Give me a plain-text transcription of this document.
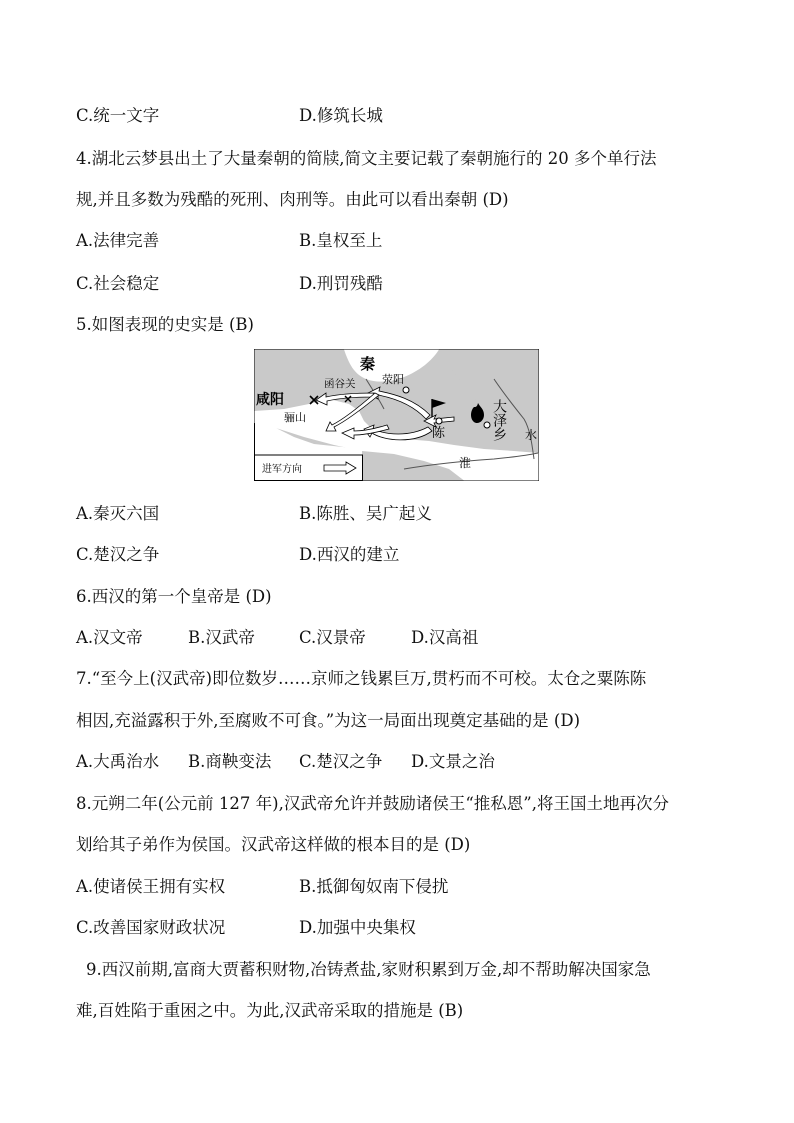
C.统一文字	D.修筑长城
4.湖北云梦县出土了大量秦朝的简牍,简文主要记载了秦朝施行的 20 多个单行法
规,并且多数为残酷的死刑、肉刑等。由此可以看出秦朝 (D)
A.法律完善	B.皇权至上
C.社会稳定	D.刑罚残酷
5.如图表现的史实是 (B)
秦
咸阳
骊山
函谷关 荥阳
陈	大泽乡 水
淮
进军方向
A.秦灭六国	B.陈胜、吴广起义
C.楚汉之争	D.西汉的建立
6.西汉的第一个皇帝是 (D)
A.汉文帝	B.汉武帝	C.汉景帝	D.汉高祖
7.“至今上(汉武帝)即位数岁……京师之钱累巨万,贯朽而不可校。太仓之粟陈陈
相因,充溢露积于外,至腐败不可食。”为这一局面出现奠定基础的是 (D)
A.大禹治水 B.商鞅变法 C.楚汉之争 D.文景之治
8.元朔二年(公元前 127 年),汉武帝允许并鼓励诸侯王“推私恩”,将王国土地再次分
划给其子弟作为侯国。汉武帝这样做的根本目的是 (D)
A.使诸侯王拥有实权	B.抵御匈奴南下侵扰
C.改善国家财政状况	D.加强中央集权
9.西汉前期,富商大贾蓄积财物,冶铸煮盐,家财积累到万金,却不帮助解决国家急
难,百姓陷于重困之中。为此,汉武帝采取的措施是 (B)
